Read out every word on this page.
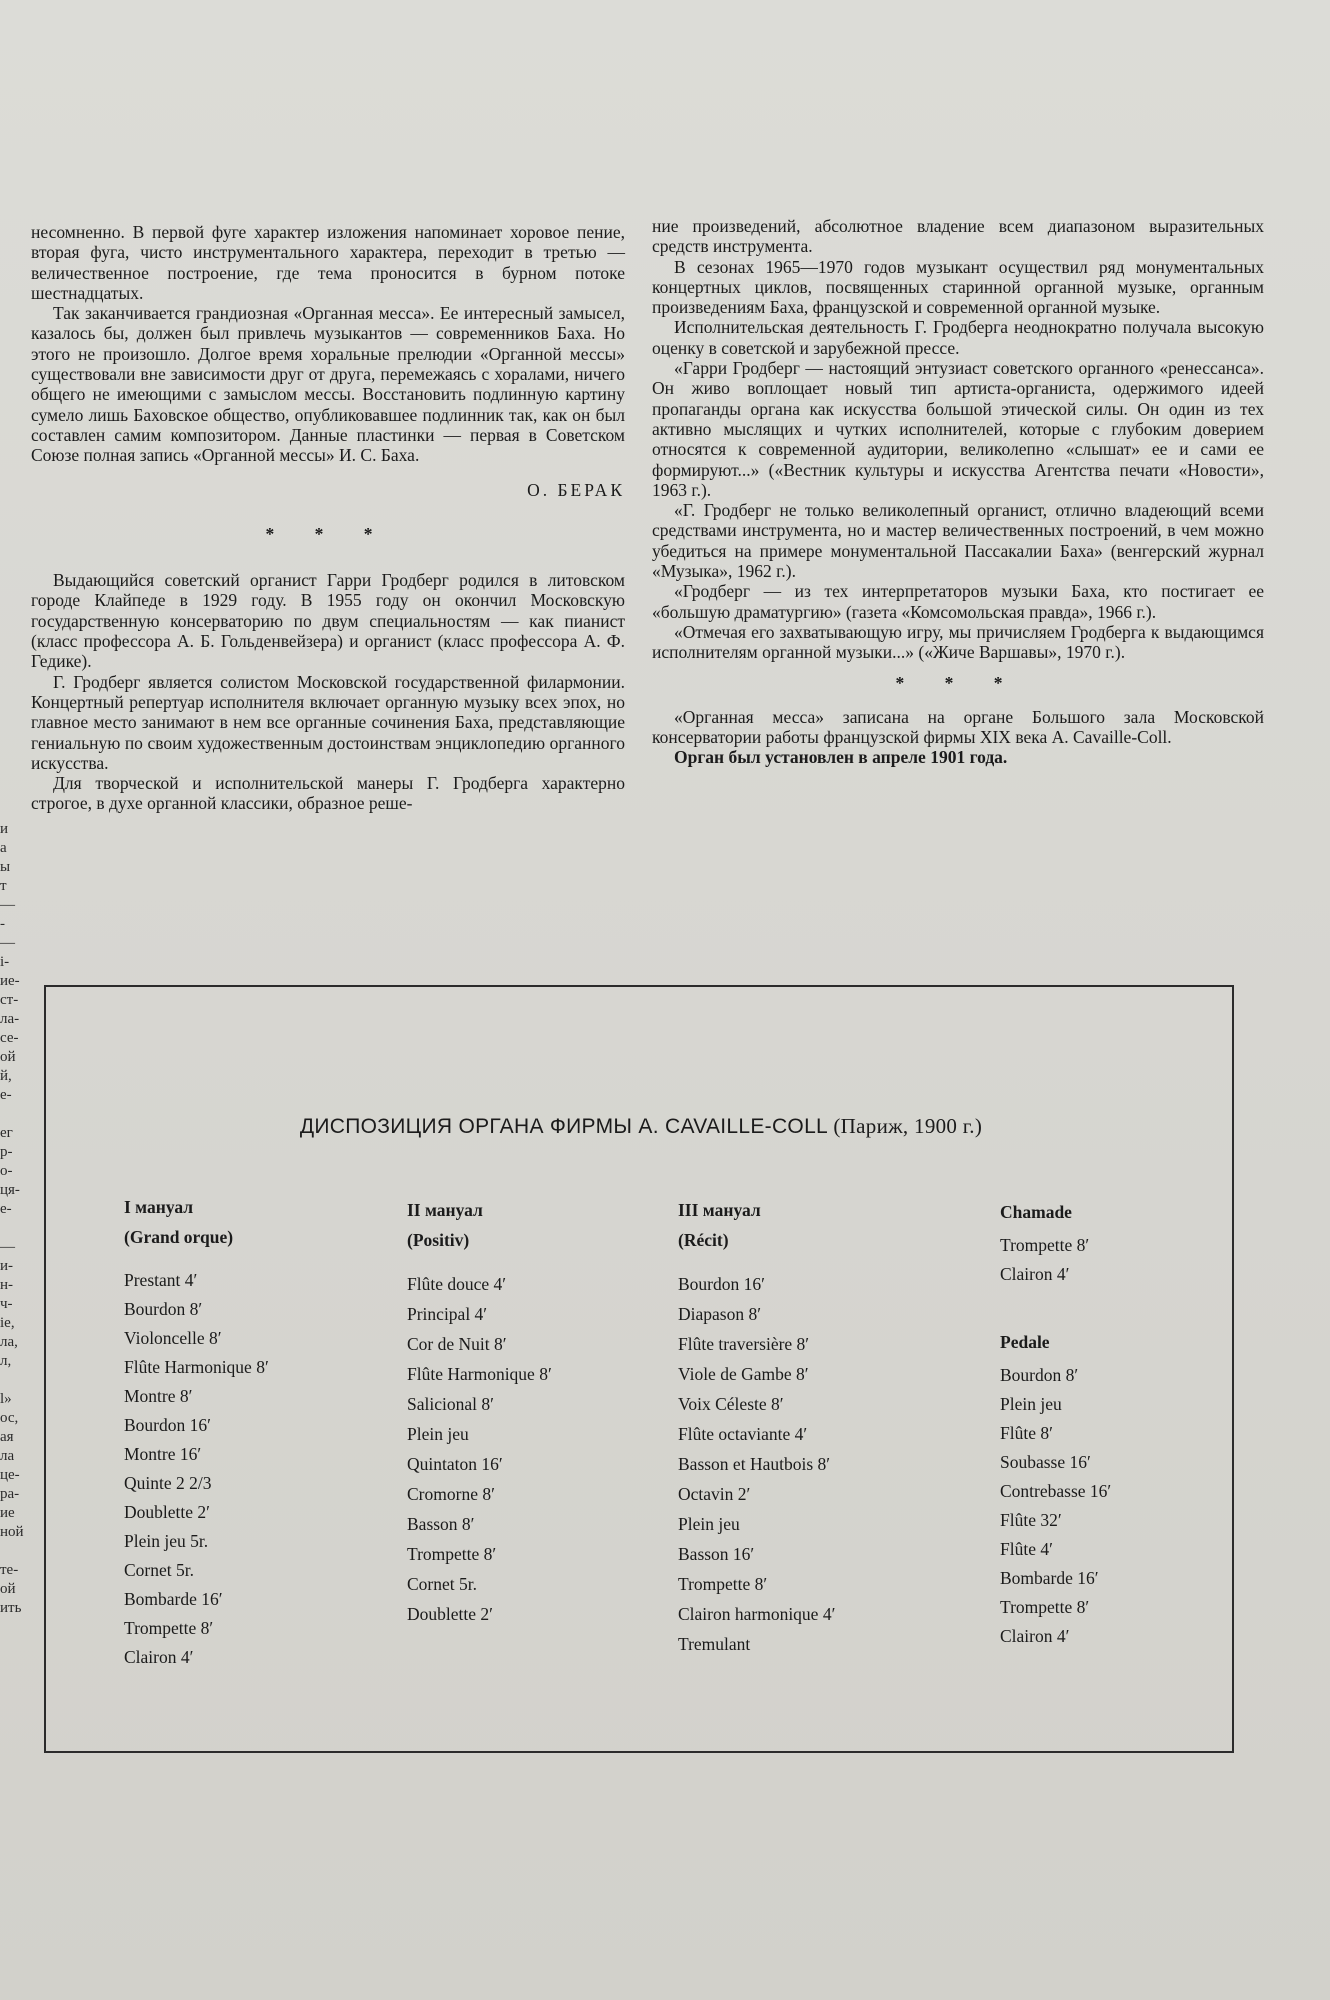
и
а
ы
т
—
-
—
і-
ие-
ст-
ла-
се-
ой
й,
е-

ег
р-
о-
ця-
е-

—
и-
н-
ч-
іе,
ла,
л,

l»
ос,
ая
ла
це-
ра-
ие
ной

те-
ой
ить

несомненно. В первой фуге характер изложения напоминает хоровое пение, вторая фуга, чисто инструментального характера, переходит в третью — величественное построение, где тема проносится в бурном потоке шестнадцатых.

Так заканчивается грандиозная «Органная месса». Ее интересный замысел, казалось бы, должен был привлечь музыкантов — современников Баха. Но этого не произошло. Долгое время хоральные прелюдии «Органной мессы» существовали вне зависимости друг от друга, перемежаясь с хоралами, ничего общего не имеющими с замыслом мессы. Восстановить подлинную картину сумело лишь Баховское общество, опубликовавшее подлинник так, как он был составлен самим композитором. Данные пластинки — первая в Советском Союзе полная запись «Органной мессы» И. С. Баха.

О. БЕРАК

* * *

Выдающийся советский органист Гарри Гродберг родился в литовском городе Клайпеде в 1929 году. В 1955 году он окончил Московскую государственную консерваторию по двум специальностям — как пианист (класс профессора А. Б. Гольденвейзера) и органист (класс профессора А. Ф. Гедике).

Г. Гродберг является солистом Московской государственной филармонии. Концертный репертуар исполнителя включает органную музыку всех эпох, но главное место занимают в нем все органные сочинения Баха, представляющие гениальную по своим художественным достоинствам энциклопедию органного искусства.

Для творческой и исполнительской манеры Г. Гродберга характерно строгое, в духе органной классики, образное реше-

ние произведений, абсолютное владение всем диапазоном выразительных средств инструмента.

В сезонах 1965—1970 годов музыкант осуществил ряд монументальных концертных циклов, посвященных старинной органной музыке, органным произведениям Баха, французской и современной органной музыке.

Исполнительская деятельность Г. Гродберга неоднократно получала высокую оценку в советской и зарубежной прессе.

«Гарри Гродберг — настоящий энтузиаст советского органного «ренессанса». Он живо воплощает новый тип артиста-органиста, одержимого идеей пропаганды органа как искусства большой этической силы. Он один из тех активно мыслящих и чутких исполнителей, которые с глубоким доверием относятся к современной аудитории, великолепно «слышат» ее и сами ее формируют...» («Вестник культуры и искусства Агентства печати «Новости», 1963 г.).

«Г. Гродберг не только великолепный органист, отлично владеющий всеми средствами инструмента, но и мастер величественных построений, в чем можно убедиться на примере монументальной Пассакалии Баха» (венгерский журнал «Музыка», 1962 г.).

«Гродберг — из тех интерпретаторов музыки Баха, кто постигает ее «большую драматургию» (газета «Комсомольская правда», 1966 г.).

«Отмечая его захватывающую игру, мы причисляем Гродберга к выдающимся исполнителям органной музыки...» («Жиче Варшавы», 1970 г.).

* * *

«Органная месса» записана на органе Большого зала Московской консерватории работы французской фирмы XIX века A. Cavaille-Coll.

Орган был установлен в апреле 1901 года.

ДИСПОЗИЦИЯ ОРГАНА ФИРМЫ A. CAVAILLE-COLL (Париж, 1900 г.)
I мануал
(Grand orque)
Prestant 4′
Bourdon 8′
Violoncelle 8′
Flûte Harmonique 8′
Montre 8′
Bourdon 16′
Montre 16′
Quinte 2 2/3
Doublette 2′
Plein jeu 5r.
Cornet 5r.
Bombarde 16′
Trompette 8′
Clairon 4′
II мануал
(Positiv)
Flûte douce 4′
Principal 4′
Cor de Nuit 8′
Flûte Harmonique 8′
Salicional 8′
Plein jeu
Quintaton 16′
Cromorne 8′
Basson 8′
Trompette 8′
Cornet 5r.
Doublette 2′
III мануал
(Récit)
Bourdon 16′
Diapason 8′
Flûte traversière 8′
Viole de Gambe 8′
Voix Céleste 8′
Flûte octaviante 4′
Basson et Hautbois 8′
Octavin 2′
Plein jeu
Basson 16′
Trompette 8′
Clairon harmonique 4′
Tremulant
Chamade
Trompette 8′
Clairon 4′
Pedale
Bourdon 8′
Plein jeu
Flûte 8′
Soubasse 16′
Contrebasse 16′
Flûte 32′
Flûte 4′
Bombarde 16′
Trompette 8′
Clairon 4′
